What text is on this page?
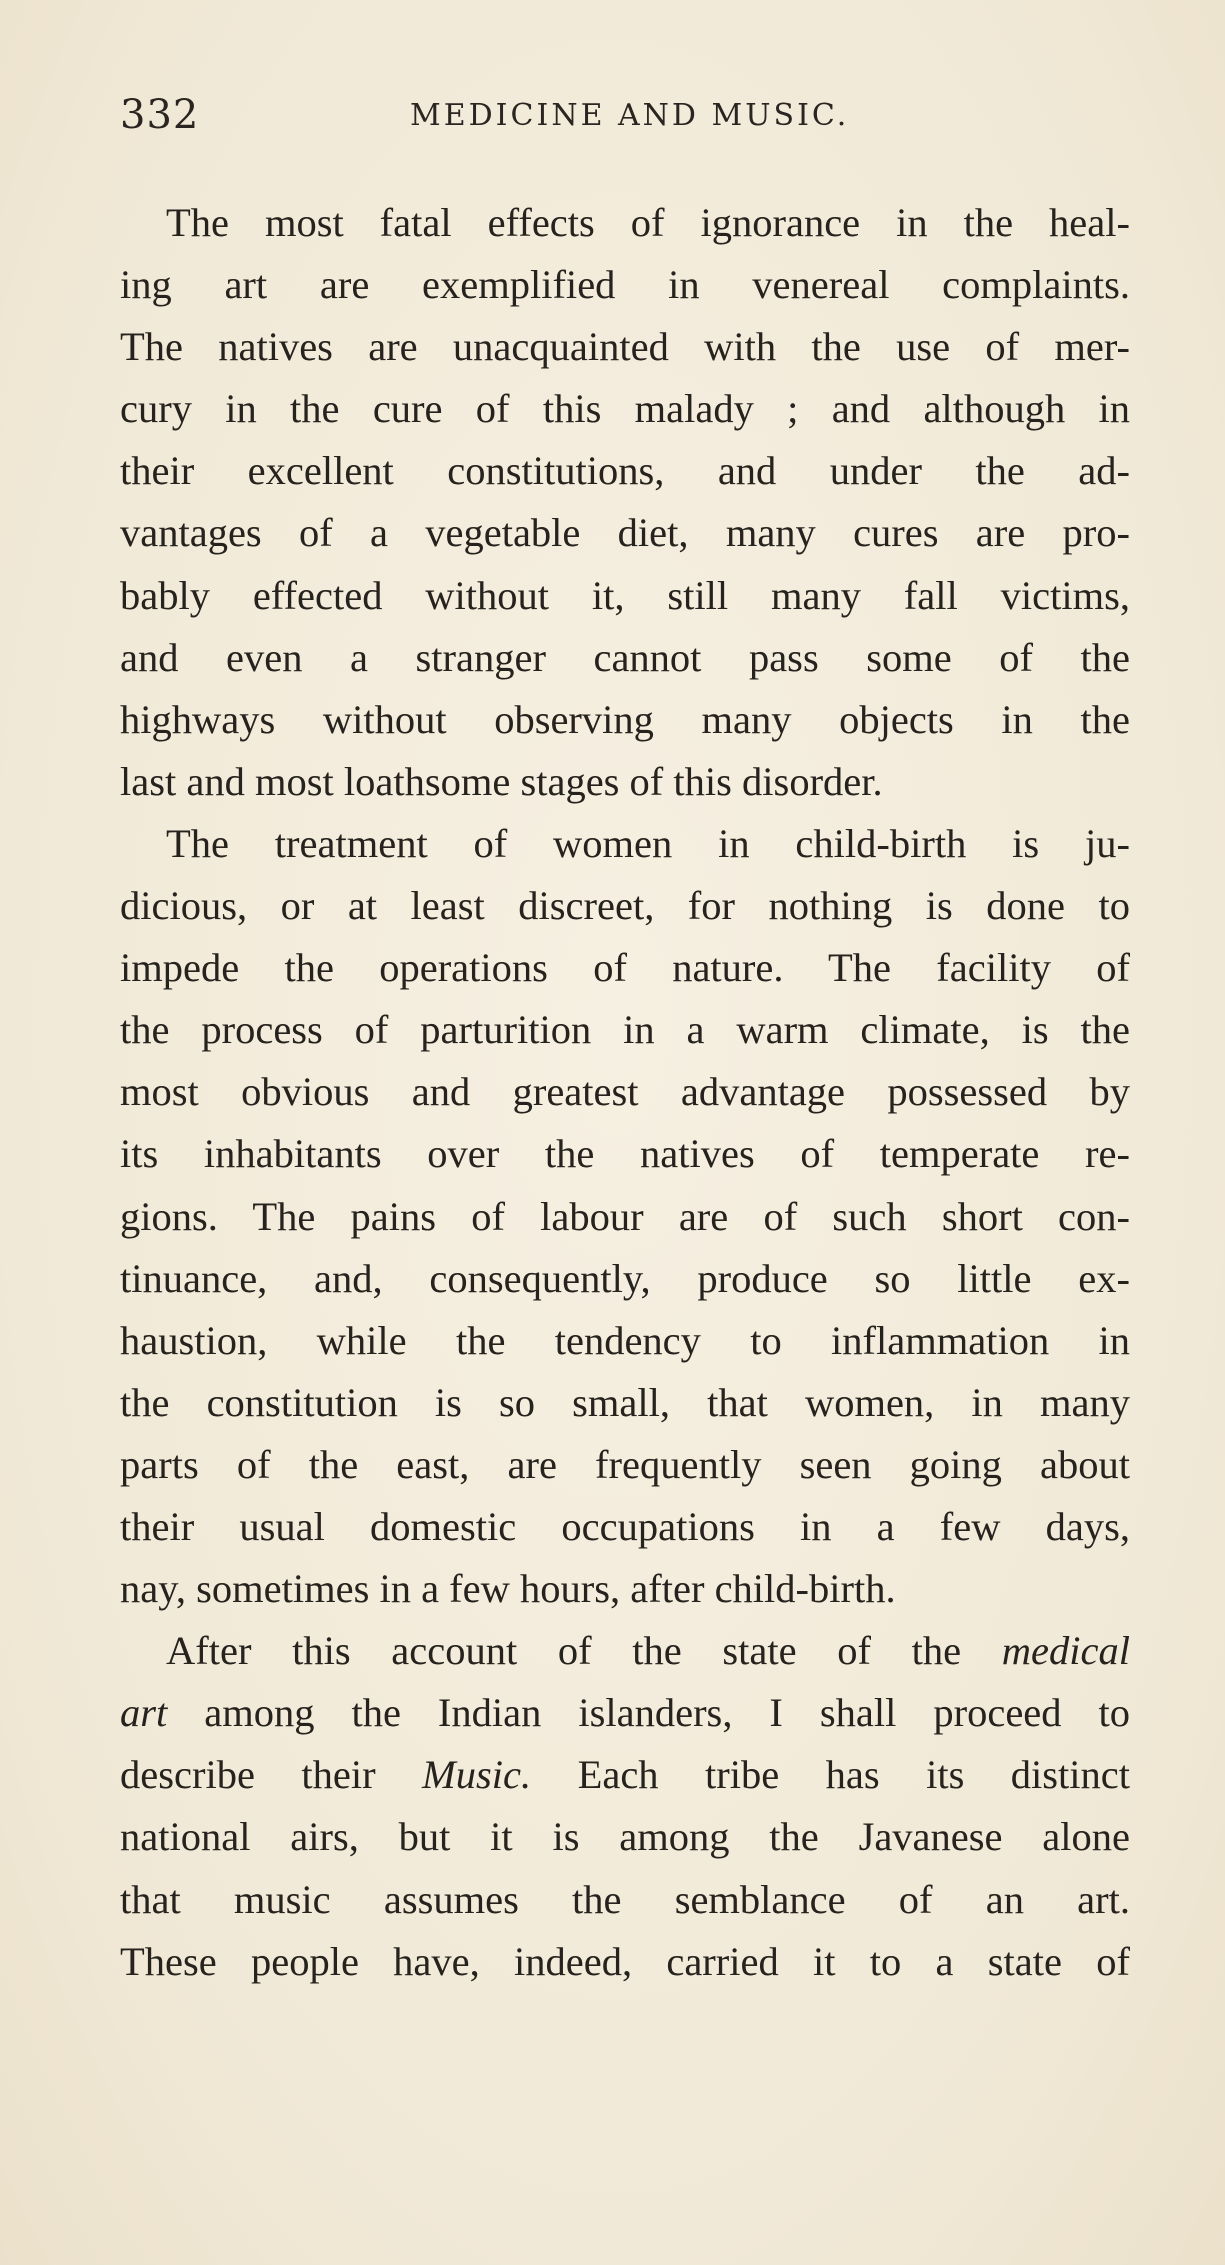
332	MEDICINE AND MUSIC.
The most fatal effects of ignorance in the heal-
ing art are exemplified in venereal complaints.
The natives are unacquainted with the use of mer-
cury in the cure of this malady ; and although in
their excellent constitutions, and under the ad-
vantages of a vegetable diet, many cures are pro-
bably effected without it, still many fall victims,
and even a stranger cannot pass some of the
highways without observing many objects in the
last and most loathsome stages of this disorder.
The treatment of women in child-birth is ju-
dicious, or at least discreet, for nothing is done to
impede the operations of nature. The facility of
the process of parturition in a warm climate, is the
most obvious and greatest advantage possessed by
its inhabitants over the natives of temperate re-
gions. The pains of labour are of such short con-
tinuance, and, consequently, produce so little ex-
haustion, while the tendency to inflammation in
the constitution is so small, that women, in many
parts of the east, are frequently seen going about
their usual domestic occupations in a few days,
nay, sometimes in a few hours, after child-birth.
After this account of the state of the medical
art among the Indian islanders, I shall proceed to
describe their Music. Each tribe has its distinct
national airs, but it is among the Javanese alone
that music assumes the semblance of an art.
These people have, indeed, carried it to a state of
